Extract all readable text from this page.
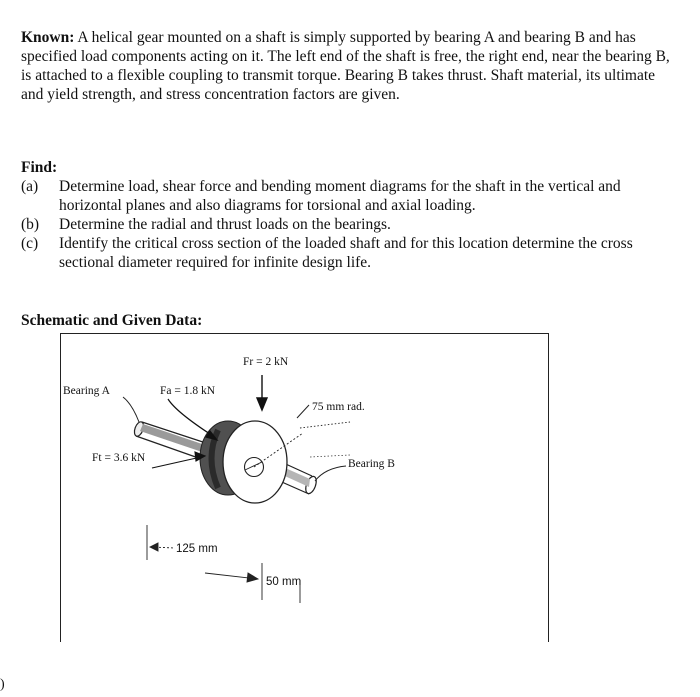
Known: A helical gear mounted on a shaft is simply supported by bearing A and bearing B and has specified load components acting on it. The left end of the shaft is free, the right end, near the bearing B, is attached to a flexible coupling to transmit torque. Bearing B takes thrust. Shaft material, its ultimate and yield strength, and stress concentration factors are given.
Find:
(a) Determine load, shear force and bending moment diagrams for the shaft in the vertical and horizontal planes and also diagrams for torsional and axial loading.
(b) Determine the radial and thrust loads on the bearings.
(c) Identify the critical cross section of the loaded shaft and for this location determine the cross sectional diameter required for infinite design life.
Schematic and Given Data:
Fr = 2 kN
Fa = 1.8 kN
Bearing A
75 mm rad.
Ft = 3.6 kN	Bearing B
125 mm
50 mm
)
